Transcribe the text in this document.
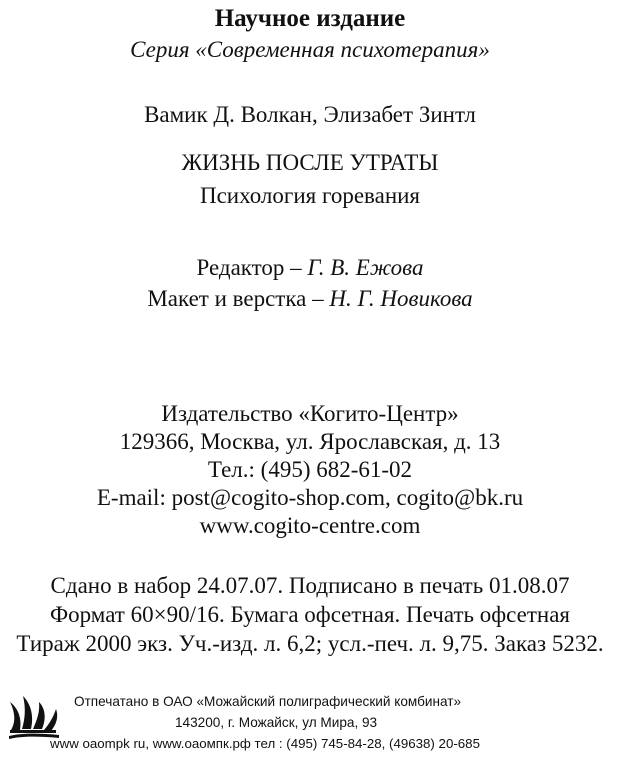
Научное издание
Серия «Современная психотерапия»
Вамик Д. Волкан, Элизабет Зинтл
ЖИЗНЬ ПОСЛЕ УТРАТЫ
Психология горевания
Редактор – Г. В. Ежова
Макет и верстка – Н. Г. Новикова
Издательство «Когито-Центр»
129366, Москва, ул. Ярославская, д. 13
Тел.: (495) 682-61-02
E-mail: post@cogito-shop.com, cogito@bk.ru
www.cogito-centre.com
Сдано в набор 24.07.07. Подписано в печать 01.08.07
Формат 60×90/16. Бумага офсетная. Печать офсетная
Тираж 2000 экз. Уч.-изд. л. 6,2; усл.-печ. л. 9,75. Заказ 5232.
Отпечатано в ОАО «Можайский полиграфический комбинат»
143200, г. Можайск, ул Мира, 93
www oaompk ru, www.оаомпк.рф тел : (495) 745-84-28, (49638) 20-685
